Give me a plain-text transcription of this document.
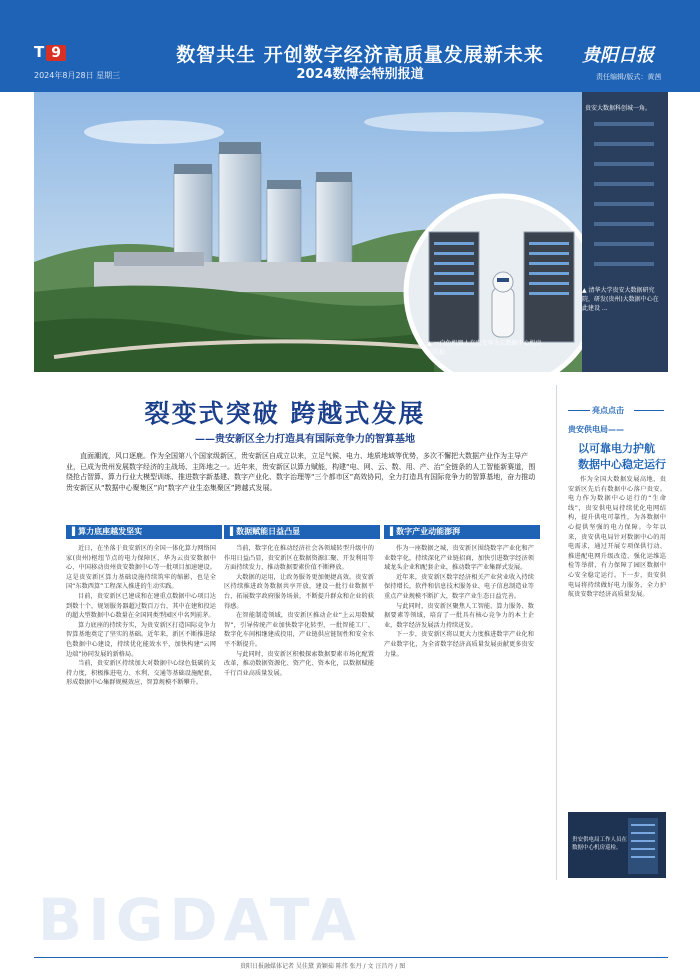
T 9	数智共生 开创数字经济高质量发展新未来
2024数博会特别报道
2024年8月28日 星期三
贵阳日报
责任编辑/版式：黄茜
贵安大数据科创城一角。
▲ 清华大学贵安大数据研究院，研发(贵州)大数据中心在此建设 ...
▲ 一白色机器人在贵安华为云数据中心机房内巡检。
裂变式突破 跨越式发展
——贵安新区全力打造具有国际竞争力的智算基地
直面潮流，风口逐鹿。作为全国第八个国家级新区，贵安新区自成立以来，立足气候、电力、地质地域等优势，多次不懈把大数据产业作为主导产业，已成为贵州发展数字经济的主战场、主阵地之一。近年来，贵安新区以算力赋能，构建“电、网、云、数、用、产、治”全链条的人工智能新赛道，围绕抢占智算、算力行业大模型训练、推进数字新基建、数字产业化、数字治理等“三个都市区”高效协同，全力打造具有国际竞争力的智算基地，奋力推动贵安新区从“数据中心聚集区”向“数字产业生态集聚区”跨越式发展。
▌算力底座越发坚实	▌数据赋能日益凸显	▌数字产业动能澎湃

近日，在坐落于贵安新区的全国一体化算力网络国家(贵州)枢纽节点的电力保障区，华为云贵安数据中心、中国移动贵州贵安数据中心等一批项目加速建设。这是贵安新区算力基础设施持续筑牢的缩影，也是全国“东数西算”工程深入推进的生动实践。

目前，贵安新区已建成和在建重点数据中心项目达到数十个，规划服务器超过数百万台，其中在建和投运的超大型数据中心数量在全国同类型园区中名列前茅。

算力底座的持续夯实，为贵安新区打造国际竞争力智算基地奠定了坚实的基础。近年来，新区不断推进绿色数据中心建设，持续优化能效水平，加快构建“云网边端”协同发展的新格局。

当前，贵安新区持续加大对数据中心绿色低碳的支持力度，积极推进电力、水利、交通等基础设施配套，形成数据中心集群规模效应，智算规模不断攀升。

当前，数字化在推动经济社会各领域转型升级中的作用日益凸显，贵安新区在数据资源汇聚、开发利用等方面持续发力，推动数据要素价值不断释放。

大数据的运用，让政务服务更加便捷高效。贵安新区持续推进政务数据共享开放，建设一批行业数据平台，拓展数字政府服务场景，不断提升群众和企业的获得感。

在智能制造领域，贵安新区推动企业“上云用数赋智”，引导传统产业加快数字化转型，一批智能工厂、数字化车间相继建成投用，产业链供应链韧性和安全水平不断提升。

与此同时，贵安新区积极探索数据要素市场化配置改革，推动数据资源化、资产化、资本化，以数据赋能千行百业高质量发展。

作为一座数据之城，贵安新区围绕数字产业化和产业数字化，持续深化产业链招商，加快引进数字经济领域龙头企业和配套企业，推动数字产业集群式发展。

近年来，贵安新区数字经济相关产业营业收入持续保持增长，软件和信息技术服务业、电子信息制造业等重点产业规模不断扩大，数字产业生态日益完善。

与此同时，贵安新区聚焦人工智能、算力服务、数据要素等领域，培育了一批具有核心竞争力的本土企业，数字经济发展活力持续迸发。

下一步，贵安新区将以更大力度推进数字产业化和产业数字化，为全省数字经济高质量发展贡献更多贵安力量。

亮点点击
贵安供电局——
以可靠电力护航
数据中心稳定运行

作为全国大数据发展高地，贵安新区先后有数据中心落户贵安。电力作为数据中心运行的“生命线”，贵安供电局持续优化电网结构，提升供电可靠性，为各数据中心提供坚强的电力保障。今年以来，贵安供电局针对数据中心的用电需求，通过开展专项保供行动、推进配电网升级改造、强化运维巡检等举措，有力保障了园区数据中心安全稳定运行。下一步，贵安供电局将持续做好电力服务，全力护航贵安数字经济高质量发展。

贵安供电局工作人员在数据中心机房巡检。
BIGDATA
贵阳日报融媒体记者 吴佳黛 黄颖茹 陈伟 张丹 / 文 汪昌丹 / 图
